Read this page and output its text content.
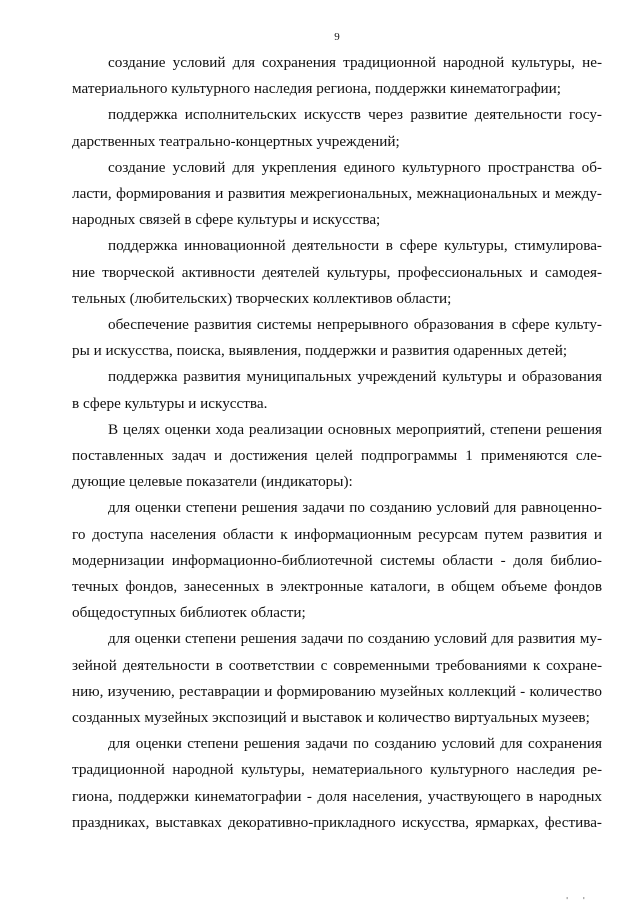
9

создание условий для сохранения традиционной народной культуры, не-
материального культурного наследия региона, поддержки кинематографии;

поддержка исполнительских искусств через развитие деятельности госу-
дарственных театрально-концертных учреждений;

создание условий для укрепления единого культурного пространства об-
ласти, формирования и развития межрегиональных, межнациональных и между-
народных связей в сфере культуры и искусства;

поддержка инновационной деятельности в сфере культуры, стимулирова-
ние творческой активности деятелей культуры, профессиональных и самодея-
тельных (любительских) творческих коллективов области;

обеспечение развития системы непрерывного образования в сфере культу-
ры и искусства, поиска, выявления, поддержки и развития одаренных детей;

поддержка развития муниципальных учреждений культуры и образования
в сфере культуры и искусства.

В целях оценки хода реализации основных мероприятий, степени решения
поставленных задач и достижения целей подпрограммы 1 применяются сле-
дующие целевые показатели (индикаторы):

для оценки степени решения задачи по созданию условий для равноценно-
го доступа населения области к информационным ресурсам путем развития и
модернизации информационно-библиотечной системы области - доля библио-
течных фондов, занесенных в электронные каталоги, в общем объеме фондов
общедоступных библиотек области;

для оценки степени решения задачи по созданию условий для развития му-
зейной деятельности в соответствии с современными требованиями к сохране-
нию, изучению, реставрации и формированию музейных коллекций - количество
созданных музейных экспозиций и выставок и количество виртуальных музеев;

для оценки степени решения задачи по созданию условий для сохранения
традиционной народной культуры, нематериального культурного наследия ре-
гиона, поддержки кинематографии - доля населения, участвующего в народных
праздниках, выставках декоративно-прикладного искусства, ярмарках, фестива-

' '
